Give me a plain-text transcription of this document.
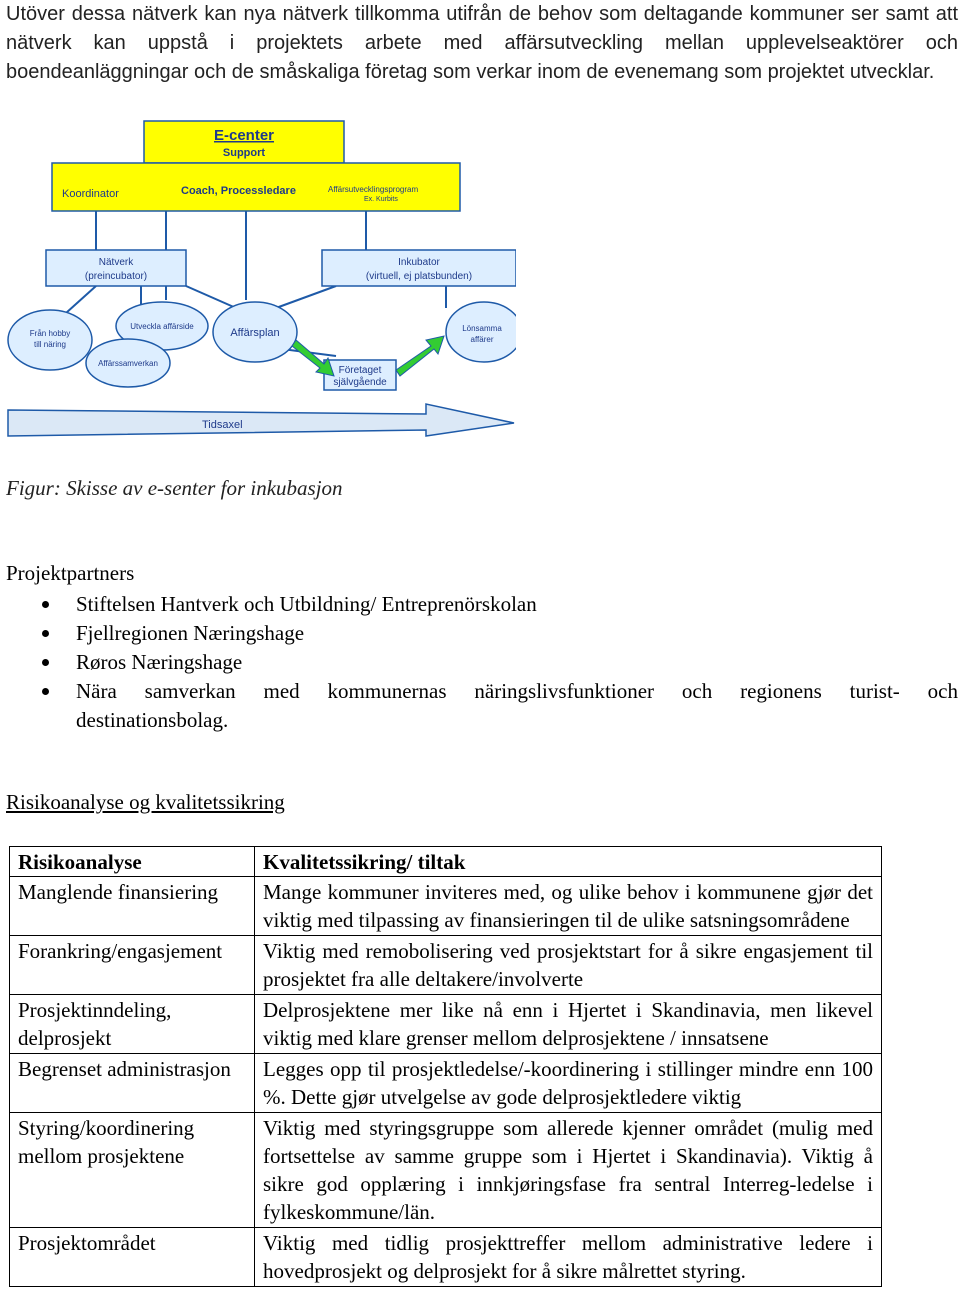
Utöver dessa nätverk kan nya nätverk tillkomma utifrån de behov som deltagande kommuner ser samt att

nätverk kan uppstå i projektets arbete med affärsutveckling mellan upplevelseaktörer och

boendeanläggningar och de småskaliga företag som verkar inom de evenemang som projektet utvecklar.

E-center
Support
Koordinator	Coach, Processledare	Affärsutvecklingsprogram
Ex. Kurbits
Nätverk
(preincubator)
Inkubator
(virtuell, ej platsbunden)
Från hobby
till näring
Utveckla affärside
Affärssamverkan
Affärsplan	Lönsamma
affärer
Företaget
självgående
Tidsaxel
Figur: Skisse av e-senter for inkubasjon
Projektpartners
Stiftelsen Hantverk och Utbildning/ Entreprenörskolan
Fjellregionen Næringshage
Røros Næringshage
Nära samverkan med kommunernas näringslivsfunktioner och regionens turist- och
destinationsbolag.
Risikoanalyse og kvalitetssikring
Risikoanalyse	Kvalitetssikring/ tiltak
Manglende finansiering	Mange kommuner inviteres med, og ulike behov i kommunene gjør det viktig med tilpassing av finansieringen til de ulike satsningsområdene
Forankring/engasjement	Viktig med remobolisering ved prosjektstart for å sikre engasjement til prosjektet fra alle deltakere/involverte
Prosjektinndeling, delprosjekt	Delprosjektene mer like nå enn i Hjertet i Skandinavia, men likevel viktig med klare grenser mellom delprosjektene / innsatsene
Begrenset administrasjon	Legges opp til prosjektledelse/-koordinering i stillinger mindre enn 100 %. Dette gjør utvelgelse av gode delprosjektledere viktig
Styring/koordinering mellom prosjektene	Viktig med styringsgruppe som allerede kjenner området (mulig med fortsettelse av samme gruppe som i Hjertet i Skandinavia). Viktig å sikre god opplæring i innkjøringsfase fra sentral Interreg-ledelse i fylkeskommune/län.
Prosjektområdet	Viktig med tidlig prosjekttreffer mellom administrative ledere i hovedprosjekt og delprosjekt for å sikre målrettet styring.
